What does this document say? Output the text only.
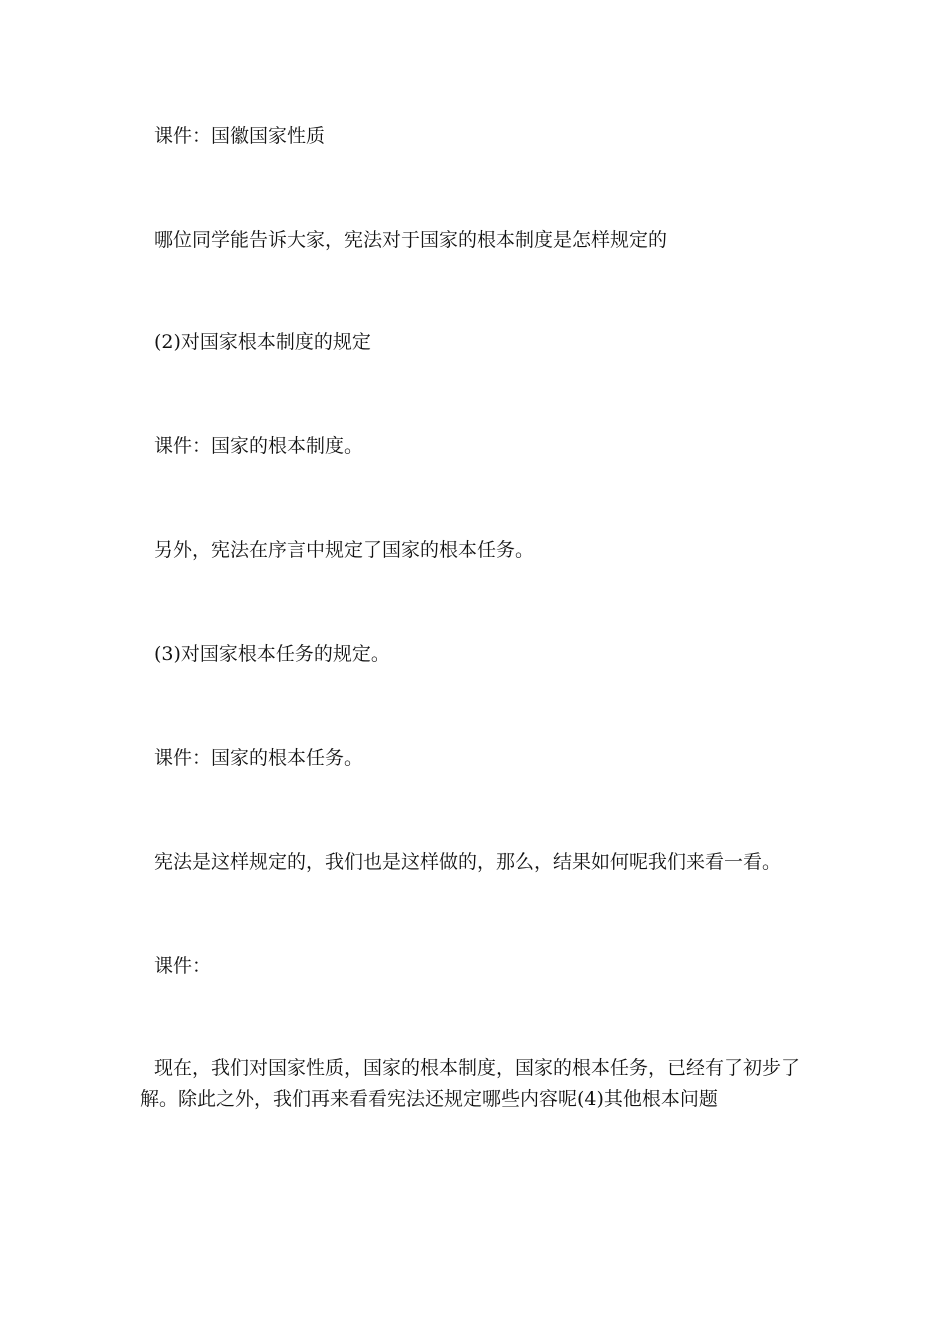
课件：国徽国家性质

哪位同学能告诉大家，宪法对于国家的根本制度是怎样规定的

(2)对国家根本制度的规定

课件：国家的根本制度。

另外，宪法在序言中规定了国家的根本任务。

(3)对国家根本任务的规定。

课件：国家的根本任务。

宪法是这样规定的，我们也是这样做的，那么，结果如何呢我们来看一看。

课件：

现在，我们对国家性质，国家的根本制度，国家的根本任务，已经有了初步了解。除此之外，我们再来看看宪法还规定哪些内容呢(4)其他根本问题
